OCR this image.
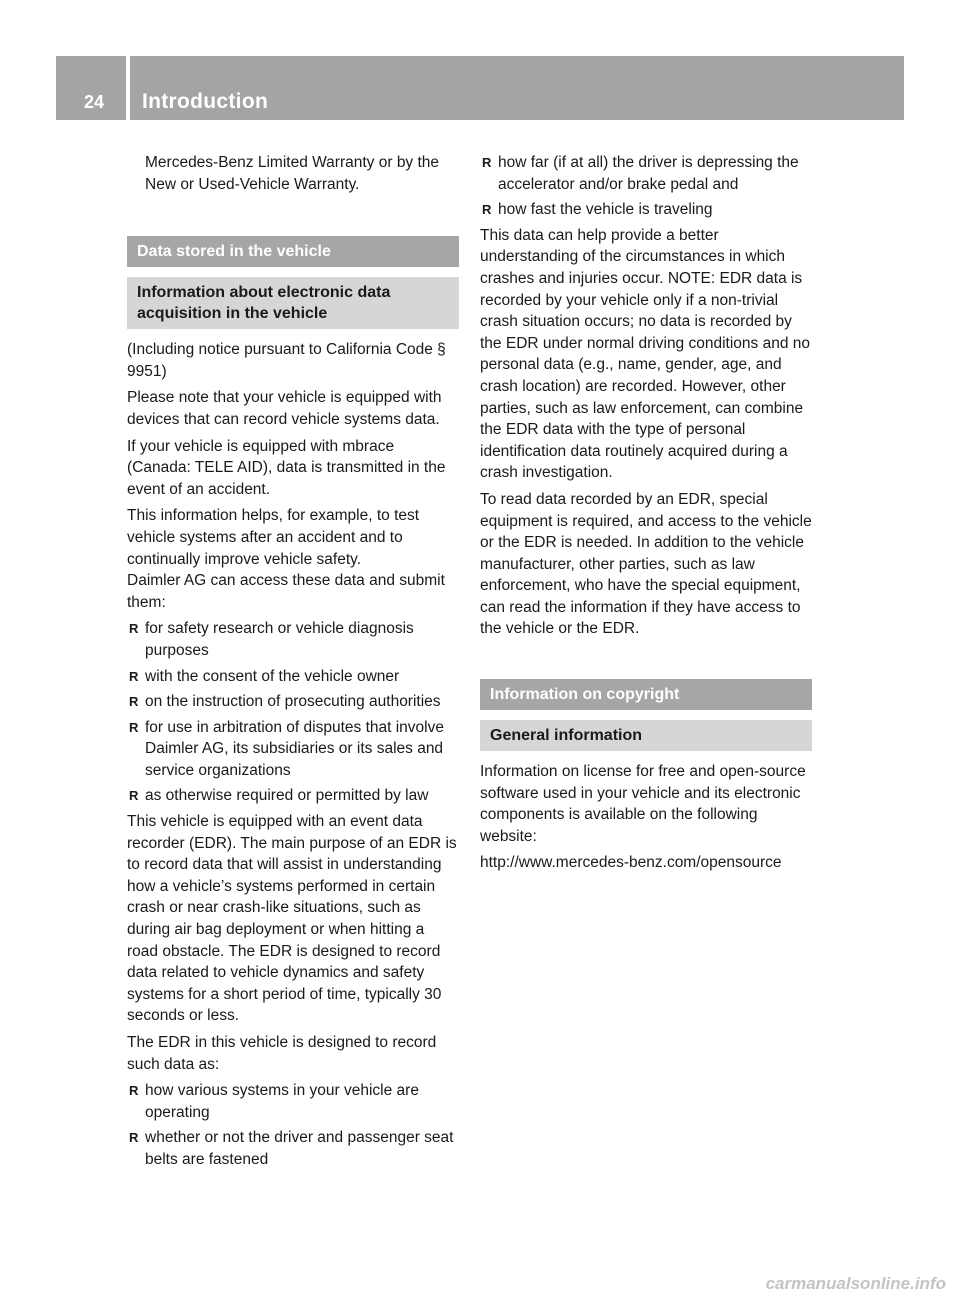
24 Introduction

Mercedes-Benz Limited Warranty or by the New or Used-Vehicle Warranty.

Data stored in the vehicle
Information about electronic data acquisition in the vehicle

(Including notice pursuant to California Code § 9951)

Please note that your vehicle is equipped with devices that can record vehicle systems data.

If your vehicle is equipped with mbrace (Canada: TELE AID), data is transmitted in the event of an accident.

This information helps, for example, to test vehicle systems after an accident and to continually improve vehicle safety.

Daimler AG can access these data and submit them:

R for safety research or vehicle diagnosis purposes
R with the consent of the vehicle owner
R on the instruction of prosecuting authorities
R for use in arbitration of disputes that involve Daimler AG, its subsidiaries or its sales and service organizations
R as otherwise required or permitted by law

This vehicle is equipped with an event data recorder (EDR). The main purpose of an EDR is to record data that will assist in understanding how a vehicle’s systems performed in certain crash or near crash-like situations, such as during air bag deployment or when hitting a road obstacle. The EDR is designed to record data related to vehicle dynamics and safety systems for a short period of time, typically 30 seconds or less.

The EDR in this vehicle is designed to record such data as:

R how various systems in your vehicle are operating
R whether or not the driver and passenger seat belts are fastened
R how far (if at all) the driver is depressing the accelerator and/or brake pedal and
R how fast the vehicle is traveling

This data can help provide a better understanding of the circumstances in which crashes and injuries occur. NOTE: EDR data is recorded by your vehicle only if a non-trivial crash situation occurs; no data is recorded by the EDR under normal driving conditions and no personal data (e.g., name, gender, age, and crash location) are recorded. However, other parties, such as law enforcement, can combine the EDR data with the type of personal identification data routinely acquired during a crash investigation.

To read data recorded by an EDR, special equipment is required, and access to the vehicle or the EDR is needed. In addition to the vehicle manufacturer, other parties, such as law enforcement, who have the special equipment, can read the information if they have access to the vehicle or the EDR.

Information on copyright
General information

Information on license for free and open-source software used in your vehicle and its electronic components is available on the following website:

http://www.mercedes-benz.com/opensource

carmanualsonline.info
